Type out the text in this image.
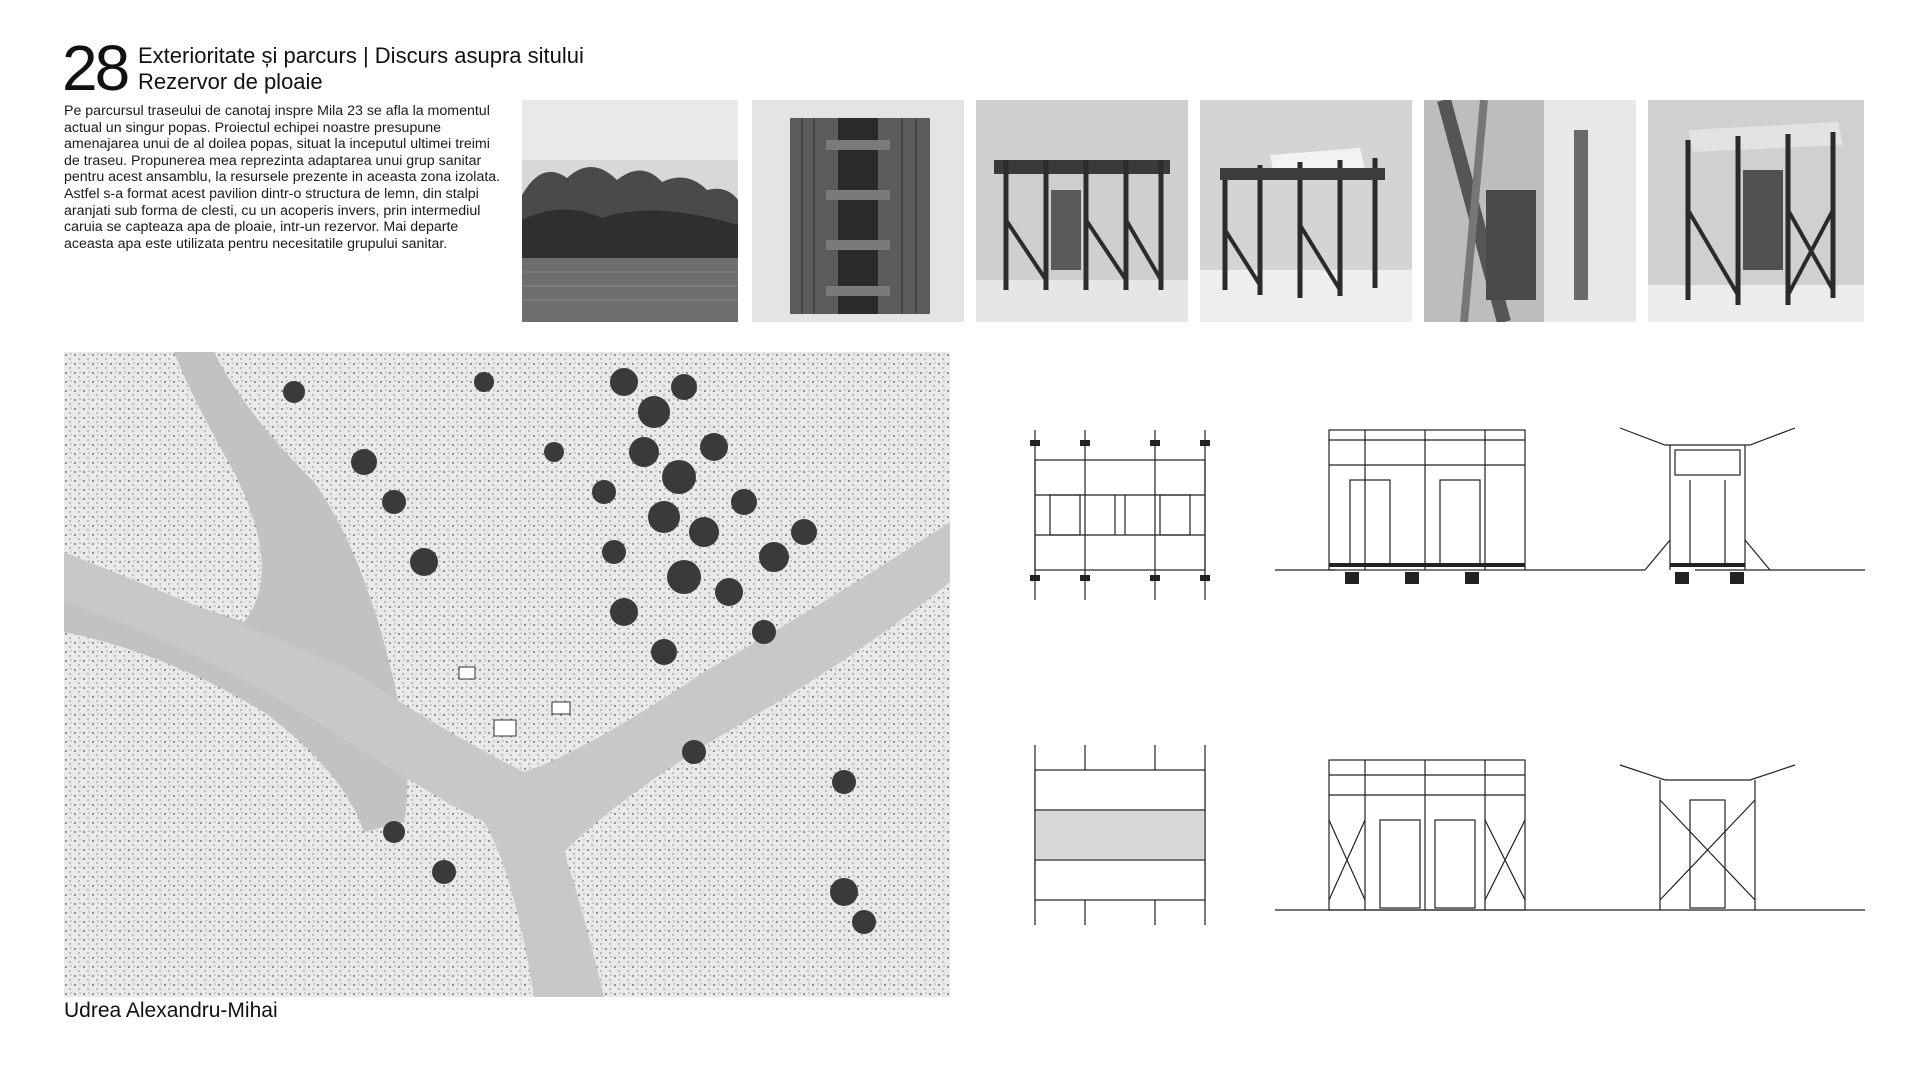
28 Exterioritate și parcurs | Discurs asupra sitului
Rezervor de ploaie
Pe parcursul traseului de canotaj inspre Mila 23 se afla la momentul actual un singur popas. Proiectul echipei noastre presupune amenajarea unui de al doilea popas, situat la inceputul ultimei treimi de traseu. Propunerea mea reprezinta adaptarea unui grup sanitar pentru acest ansamblu, la resursele prezente in aceasta zona izolata. Astfel s-a format acest pavilion dintr-o structura de lemn, din stalpi aranjati sub forma de clesti, cu un acoperis invers, prin intermediul caruia se capteaza apa de ploaie, intr-un rezervor. Mai departe aceasta apa este utilizata pentru necesitatile grupului sanitar.
Udrea Alexandru-Mihai
